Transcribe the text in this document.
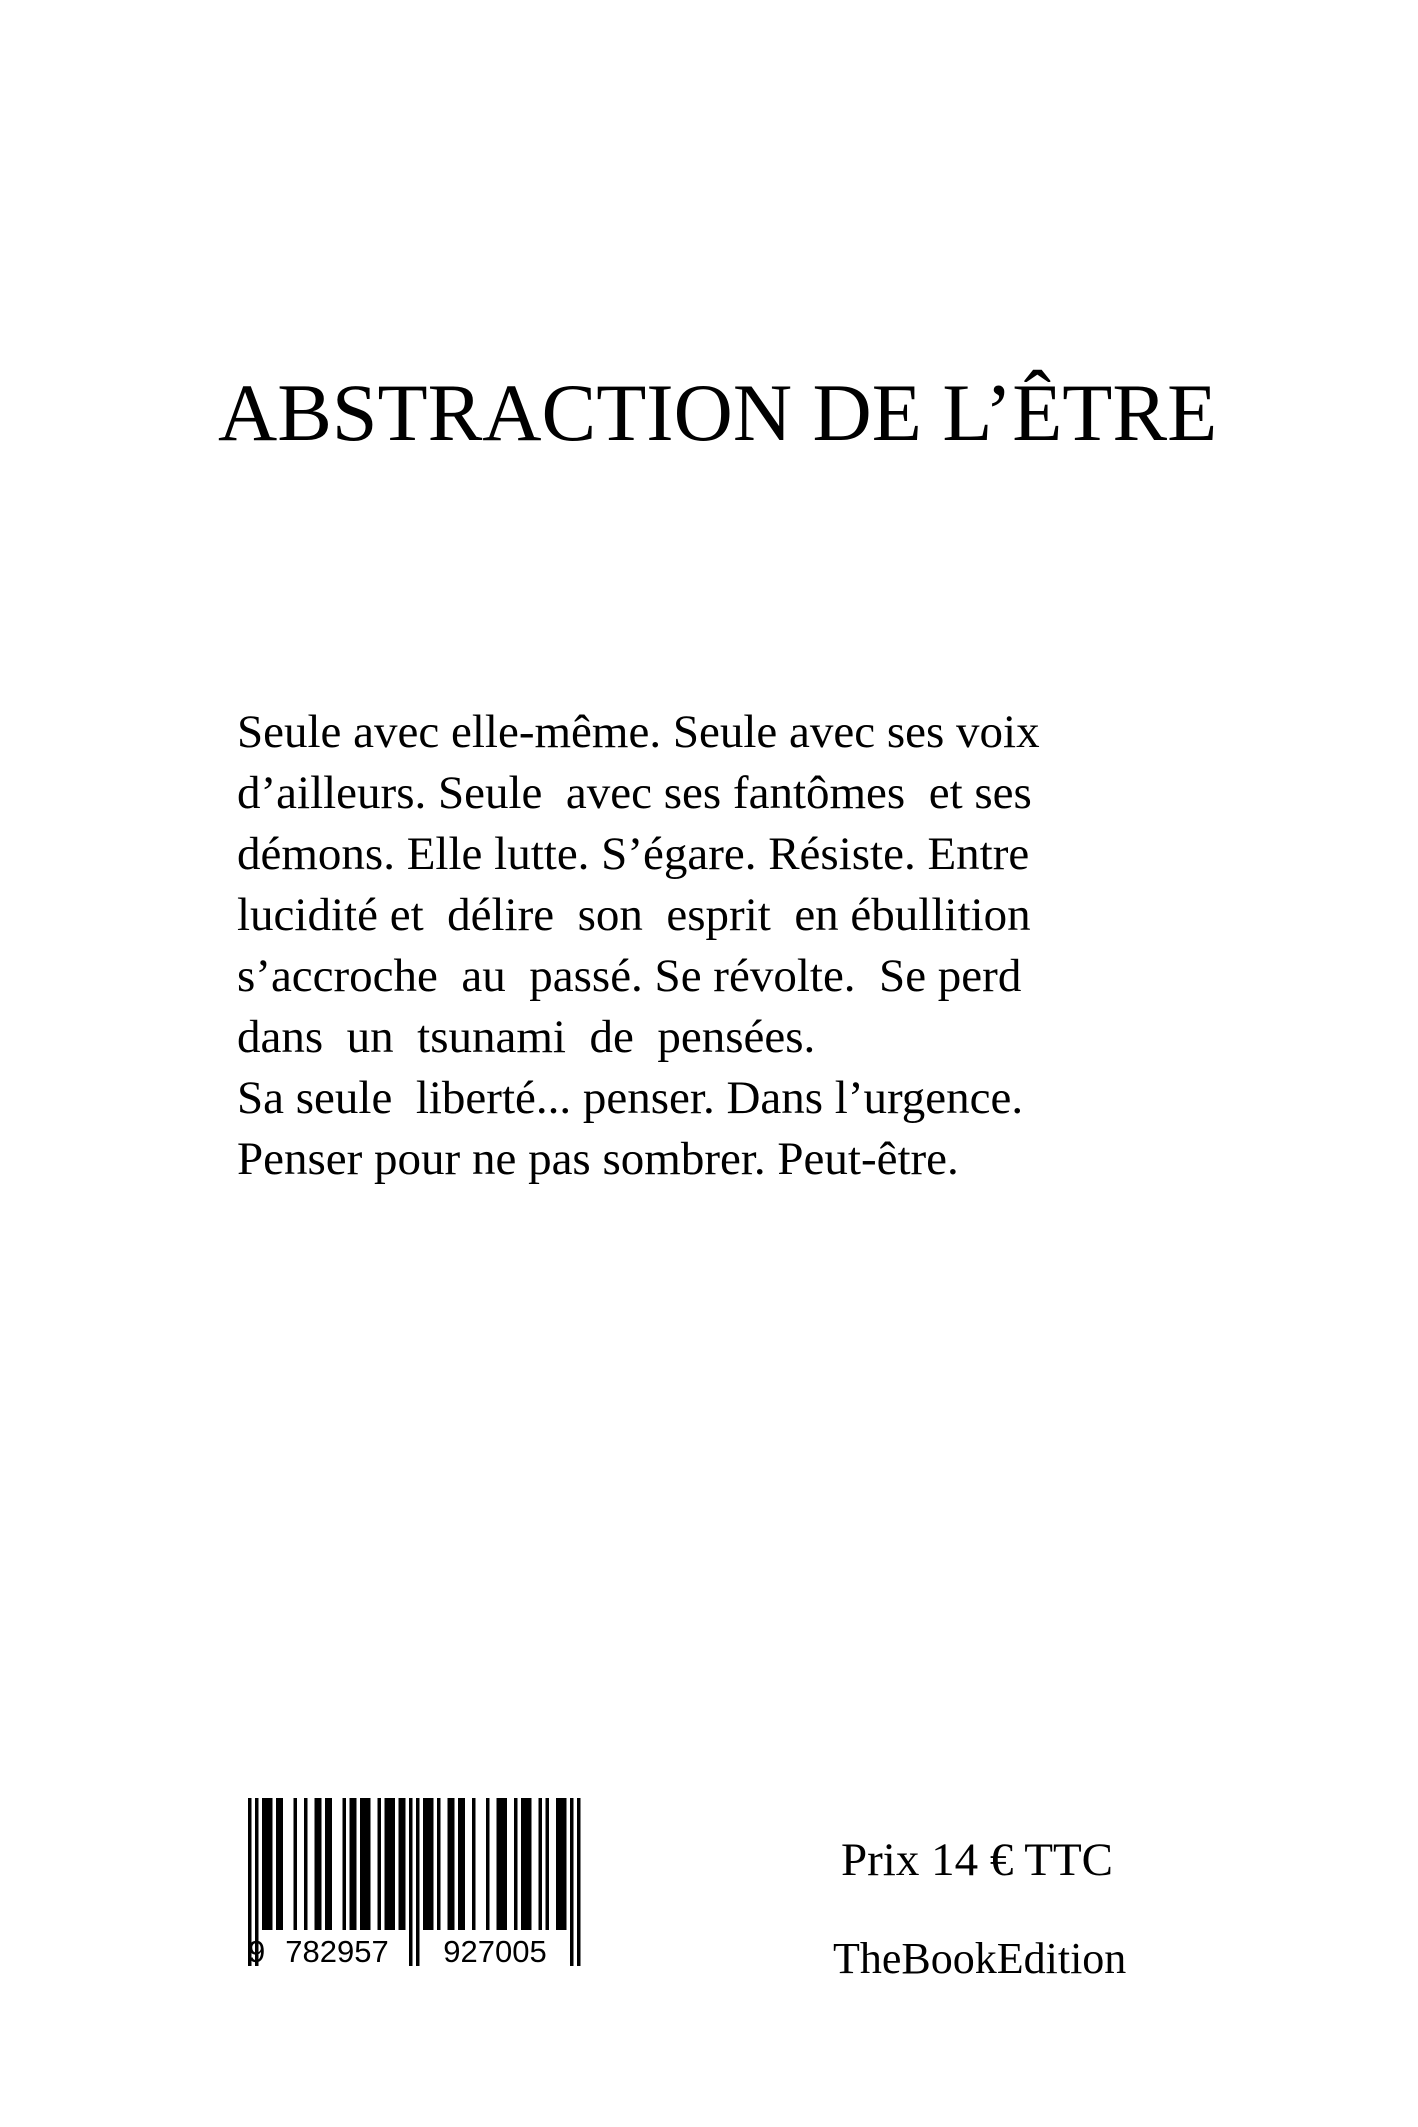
ABSTRACTION DE L’ÊTRE
Seule avec elle-même. Seule avec ses voix
d’ailleurs. Seule  avec ses fantômes  et ses
démons. Elle lutte. S’égare. Résiste. Entre
lucidité et  délire  son  esprit  en ébullition
s’accroche  au  passé. Se révolte.  Se perd
dans  un  tsunami  de  pensées.
Sa seule  liberté... penser. Dans l’urgence.
Penser pour ne pas sombrer. Peut-être.
9 782957 927005
Prix 14 € TTC
TheBookEdition
